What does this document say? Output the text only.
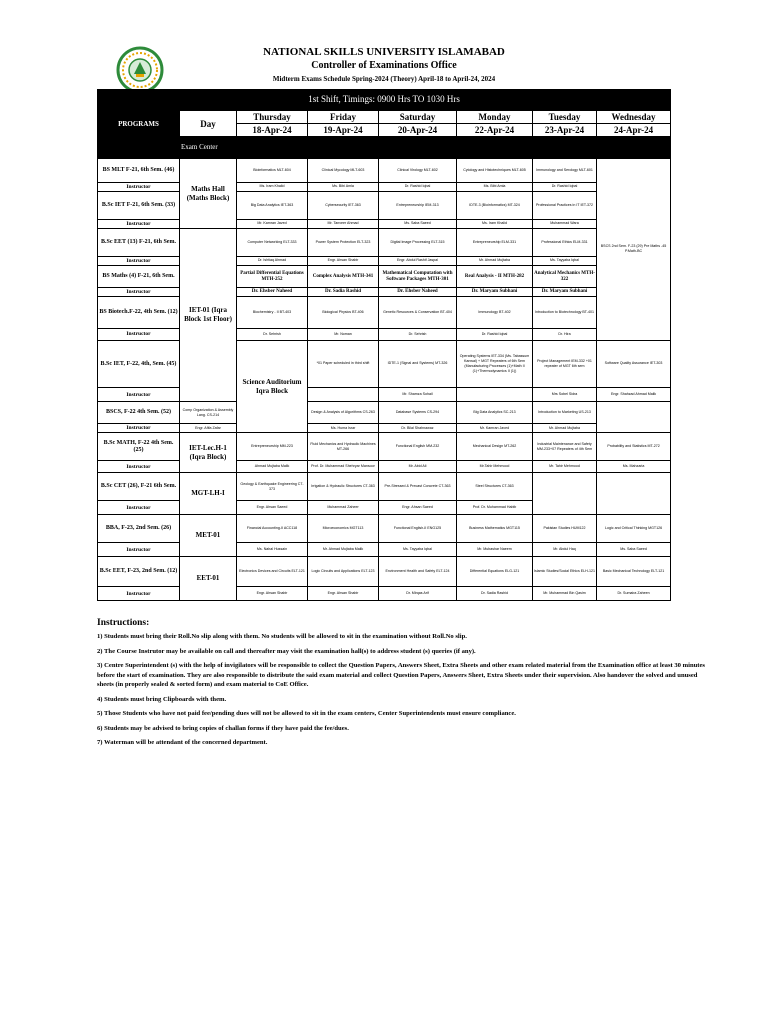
NATIONAL SKILLS UNIVERSITY ISLAMABAD
Controller of Examinations Office
Midterm Exams Schedule Spring-2024 (Theory) April-18 to April-24, 2024
1st Shift, Timings: 0900 Hrs TO 1030 Hrs								
PROGRAMS	Day	Thursday	Friday	Saturday	Monday	Tuesday	Wednesday	
		18-Apr-24	19-Apr-24	20-Apr-24	22-Apr-24	23-Apr-24	24-Apr-24	
	Exam Center							
BS MLT F-21, 6th Sem. (46)	Maths Hall (Maths Block)	Bioinformatics MLT-604	Clinical Mycology MLT-603	Clinical Virology MLT-602	Cytology and Histotechniques MLT-605	Immunology and Serology MLT-601	BSCS 2nd Sem. F-23 (29) Pre Maths -45 P.Math-BC	
Instructor		Ms. Iram Khalid	Ms. Bibi Amla	Dr. Rashid Iqbal	Ms. Bibi Amla	Dr. Rashid Iqbal		
B.Sc IET F-21, 6th Sem. (33)		Big Data Analytics IET-363	Cybersecurity IET-363	Entrepreneurship IEM-313	IDTE-3 (Bioinformatics) MT-324	Professional Practices in IT IET-372		
Instructor		Mr. Kamran Javed	Mr. Tanveer Ahmad	Ms. Saba Saeed	Ms. Iram Khalid	Muhammad Wara		
B.Sc EET (13) F-21, 6th Sem.	IET-01 (Iqra Block 1st Floor)	Computer Networking ELT-333	Power System Protection ELT-323	Digital Image Processing ELT-315	Entrepreneurship ELM-331	Professional Ethics ELM-331		
Instructor		Dr. Ishtiaq Ahmad	Engr. Ahsan Shabir	Engr. Abdul Rashif Jaspal	Mr. Ahmad Mujtaba	Ms. Tayyaba Iqbal		
BS Maths (4) F-21, 6th Sem.		Partial Differential Equations MTH-252	Complex Analysis MTH-341	Mathematical Computation with Software Packages MTH-301	Real Analysis - II MTH-282	Analytical Mechanics MTH-322		
Instructor		Dr. Ehsber Naheed	Dr. Sadia Rashid	Dr. Ehsber Naheed	Dr. Maryam Subhani	Dr. Maryam Subhani		
BS Biotech.F-22, 4th Sem. (12)		Biochemistry - II BT-403	Biological Physics BT-406	Genetic Resources & Conservation BT-404	Immunology BT-402	Introduction to Biotechnology BT-401	
Instructor		Dr. Sehrish	Mr. Noman	Dr. Sehrish	Dr. Rashid Iqbal	Dr. Hira	
B.Sc IET, F-22, 4th, Sem. (45)		Science Auditorium Iqra Block	*01 Paper scheduled in third shift	IDTE-1 (Signal and Systems) MT-326	Operating Systems IET-334 (Ms. Tabassum Kanwal) + MGT Repeaters of 6th Sem (Manufacturing Processes (1)+Math II (1)+Thermodynamics II (1))	Project Management IEM-332 +01 repeater of MGT 6th sem	Software Quality Assurance IET-303	
Instructor				Mr. Shamza Sohail		Mrs Sobel Sidra	Engr. Shahzad Ahmad Malik	
BSCS, F-22 4th Sem. (52)	Comp Organization & Assembly Lang. CS-214		Design & Analysis of Algorithms CS-263	Database Systems CS-294	Big Data Analytics SC-213	Introduction to Marketing US-213		
Instructor	Engr. Afifa Zafar		Ms. Huma Israr	Dr. Bilal Shahnawaz	Mr. Kamran Javed	Mr. Ahmad Mujtaba		
B.Sc MATH, F-22 4th Sem. (25)	IET-Lec.H-1 (Iqra Block)	Entrepreneurship MM-223	Fluid Mechanics and Hydraulic Machines MT-266	Functional English MM-232	Mechanical Design MT-262	Industrial Maintenance and Safety MM-233+07 Repeaters of 4th Sem	Probability and Statistics MT-272	
Instructor		Ahmad Mujtaba Malik	Prof. Dr. Muhammad Shehryar Mansoor	Mr. Abid Ali	Mr.Tahir Mehmood	Mr. Tahir Mehmood	Ms. Mahzaria	
B.Sc CET (26), F-21 6th Sem.	MGT-LH-I	Geology & Earthquake Engineering CT-373	Irrigation & Hydraulic Structures CT-363	Pre-Stressed & Precast Concrete CT-363	Steel Structures CT-363			
Instructor		Engr. Ahsan Saeed	Muhammad Zaheer	Engr. Ahsan Saeed	Prof. Dr. Muhammad Habib			
BBA, F-23, 2nd Sem. (26)	MET-01	Financial Accounting-II ACC118	Microeconomics MGT113	Functional English-II ENG125	Business Mathematics MGT115	Pakistan Studies HUM122	Logic and Critical Thinking MGT126	
Instructor		Ms. Nahal Hussain	Mr. Ahmad Mujtaba Malik	Ms. Tayyaba Iqbal	Mr. Mubashar Naeem	Mr. Abdul Haq	Ms. Saba Saeed	
B.Sc EET, F-23, 2nd Sem. (12)	EET-01	Electronics Devices and Circuits ELT-121	Logic Circuits and Applications ELT-123	Environment Health and Safety ELT-124	Differential Equations ELG-121	Islamic Studies/Social Ethics ELH-121	Basic Mechanical Technology ELT-121	
Instructor		Engr. Ahsan Shabir	Engr. Ahsan Shabir	Dr. Mirqas Arif	Dr. Sadia Rashid	Mr. Muhammad Bin Qasim	Dr. Sumaira Zaheen	
Instructions:
1) Students must bring their Roll.No slip along with them. No students will be allowed to sit in the examination without Roll.No slip.
2) The Course Instrutor may be available on call and thereafter may visit the examination hall(s) to address student (s) queries (if any).
3) Centre Superintendent (s) with the help of invigilators will be responsible to collect the Question Papers, Answers Sheet, Extra Sheets and other exam related material from the Examination office at least 30 minutes before the start of examination. They are also responsible to distribute the said exam material and collect Question Papers, Answers Sheet, Extra Sheets under their supervision. Also handover the solved and unused sheets (in properly sealed & sorted form) and exam material to CoE Office.
4) Students must bring Clipboards with them.
5) Those Students who have not paid fee/pending dues will not be allowed to sit in the exam centers, Center Superintendents must ensure compliance.
6) Students may be advised to bring copies of challan forms if they have paid the fee/dues.
7) Waterman will be attendant of the concerned department.
